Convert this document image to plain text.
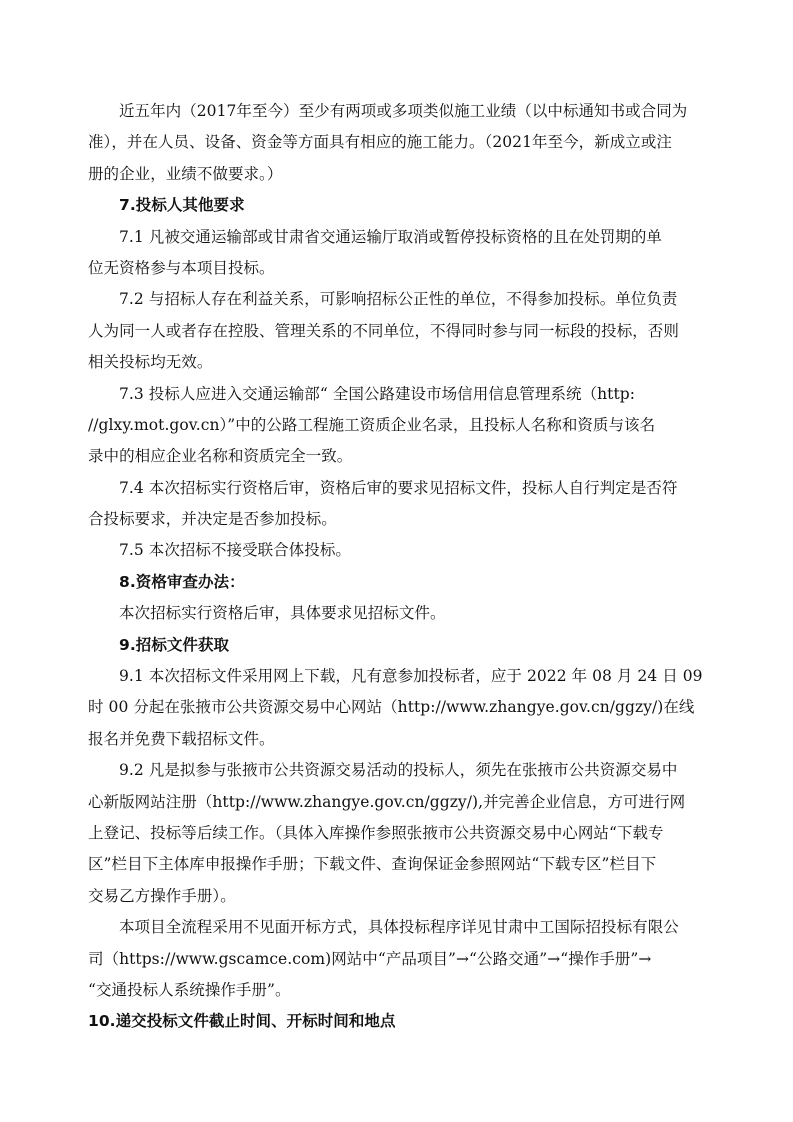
近五年内（2017年至今）至少有两项或多项类似施工业绩（以中标通知书或合同为
准），并在人员、设备、资金等方面具有相应的施工能力。（2021年至今，新成立或注
册的企业，业绩不做要求。）
7.投标人其他要求
7.1 凡被交通运输部或甘肃省交通运输厅取消或暂停投标资格的且在处罚期的单
位无资格参与本项目投标。
7.2 与招标人存在利益关系，可影响招标公正性的单位，不得参加投标。单位负责
人为同一人或者存在控股、管理关系的不同单位，不得同时参与同一标段的投标，否则
相关投标均无效。
7.3 投标人应进入交通运输部“ 全国公路建设市场信用信息管理系统（http:
//glxy.mot.gov.cn）”中的公路工程施工资质企业名录，且投标人名称和资质与该名
录中的相应企业名称和资质完全一致。
7.4 本次招标实行资格后审，资格后审的要求见招标文件，投标人自行判定是否符
合投标要求，并决定是否参加投标。
7.5 本次招标不接受联合体投标。
8.资格审查办法：
本次招标实行资格后审，具体要求见招标文件。
9.招标文件获取
9.1 本次招标文件采用网上下载，凡有意参加投标者，应于 2022 年 08 月 24 日 09
时 00 分起在张掖市公共资源交易中心网站（http://www.zhangye.gov.cn/ggzy/)在线
报名并免费下载招标文件。
9.2 凡是拟参与张掖市公共资源交易活动的投标人，须先在张掖市公共资源交易中
心新版网站注册（http://www.zhangye.gov.cn/ggzy/),并完善企业信息，方可进行网
上登记、投标等后续工作。（具体入库操作参照张掖市公共资源交易中心网站“下载专
区”栏目下主体库申报操作手册；下载文件、查询保证金参照网站“下载专区”栏目下
交易乙方操作手册）。
本项目全流程采用不见面开标方式，具体投标程序详见甘肃中工国际招投标有限公
司（https://www.gscamce.com)网站中“产品项目”→“公路交通”→“操作手册”→
“交通投标人系统操作手册”。
10.递交投标文件截止时间、开标时间和地点
